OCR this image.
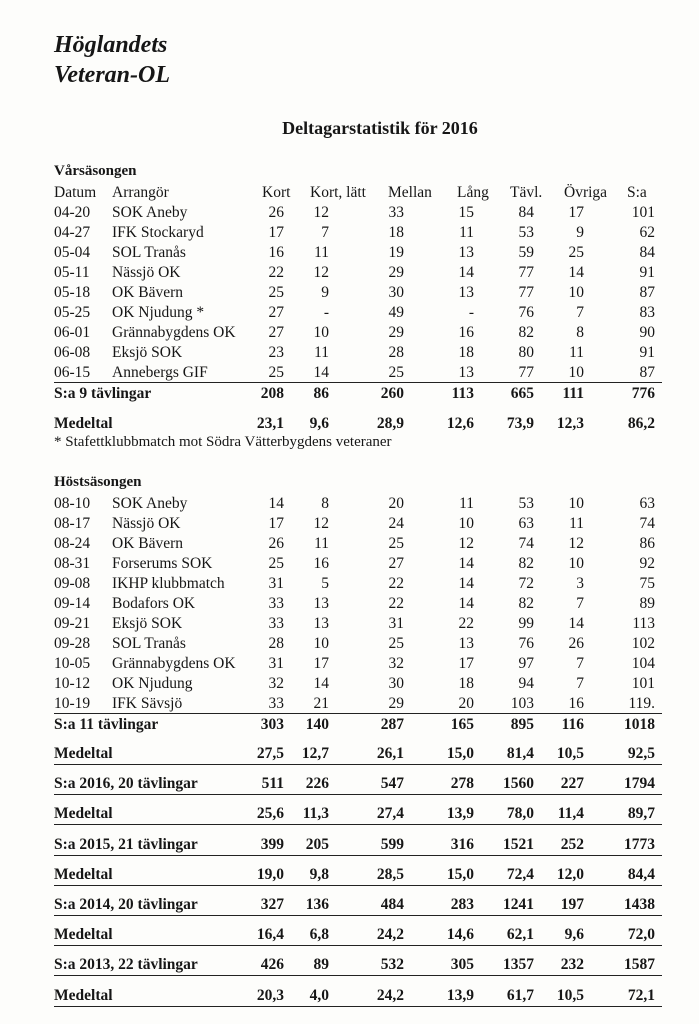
Höglandets
Veteran-OL
Deltagarstatistik för 2016
Vårsäsongen
Datum Arrangör	Kort Kort, lätt Mellan Lång Tävl. Övriga S:a
04-20 SOK Aneby	26 12	33	15	84 17	101
04-27 IFK Stockaryd	17 7	18	11	53	9	62
05-04 SOL Tranås	16 11	19	13	59 25	84
05-11 Nässjö OK	22 12	29	14	77 14	91
05-18 OK Bävern	25 9	30	13	77 10	87
05-25 OK Njudung *	27	-	49	-	76	7	83
06-01 Grännabygdens OK 27 10	29	16	82	8	90
06-08 Eksjö SOK	23 11	28	18	80 11	91
06-15 Annebergs GIF	25 14	25	13	77 10	87
S:a 9 tävlingar	208 86	260	113 665 111	776
Medeltal	23,1 9,6	28,9	12,6 73,9 12,3	86,2
* Stafettklubbmatch mot Södra Vätterbygdens veteraner
Höstsäsongen
08-10 SOK Aneby	14 8	20	11	53 10	63
08-17 Nässjö OK	17 12	24	10	63 11	74
08-24 OK Bävern	26 11	25	12	74 12	86
08-31 Forserums SOK	25 16	27	14	82 10	92
09-08 IKHP klubbmatch	31 5	22	14	72	3	75
09-14 Bodafors OK	33 13	22	14	82	7	89
09-21 Eksjö SOK	33 13	31	22	99 14	113
09-28 SOL Tranås	28 10	25	13	76 26	102
10-05 Grännabygdens OK 31 17	32	17	97	7	104
10-12 OK Njudung	32 14	30	18	94	7	101
10-19 IFK Sävsjö	33 21	29	20 103 16	119.
S:a 11 tävlingar	303 140	287	165 895 116	1018
Medeltal	27,5 12,7	26,1	15,0 81,4 10,5	92,5
S:a 2016, 20 tävlingar	511 226	547	278 1560 227	1794
Medeltal	25,6 11,3	27,4	13,9 78,0 11,4	89,7
S:a 2015, 21 tävlingar	399 205	599	316 1521 252	1773
Medeltal	19,0 9,8	28,5	15,0 72,4 12,0	84,4
S:a 2014, 20 tävlingar	327 136	484	283 1241 197	1438
Medeltal	16,4 6,8	24,2	14,6 62,1 9,6	72,0
S:a 2013, 22 tävlingar	426 89	532	305 1357 232	1587
Medeltal	20,3 4,0	24,2	13,9 61,7 10,5	72,1
